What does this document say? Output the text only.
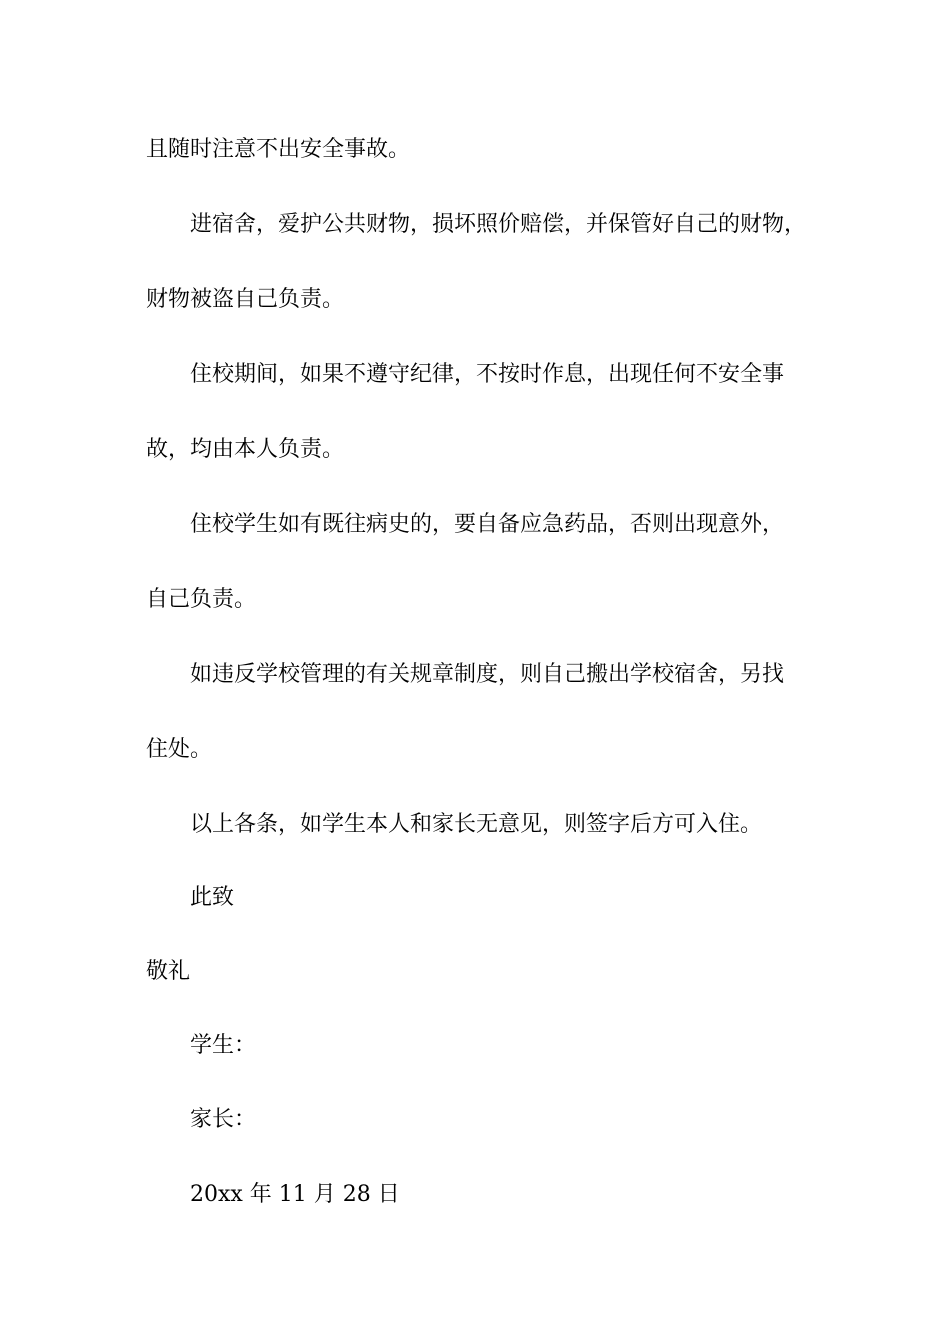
且随时注意不出安全事故。
进宿舍，爱护公共财物，损坏照价赔偿，并保管好自己的财物，
财物被盗自己负责。
住校期间，如果不遵守纪律，不按时作息，出现任何不安全事
故，均由本人负责。
住校学生如有既往病史的，要自备应急药品，否则出现意外，
自己负责。
如违反学校管理的有关规章制度，则自己搬出学校宿舍，另找
住处。
以上各条，如学生本人和家长无意见，则签字后方可入住。
此致
敬礼
学生：
家长：
20xx 年 11 月 28 日
